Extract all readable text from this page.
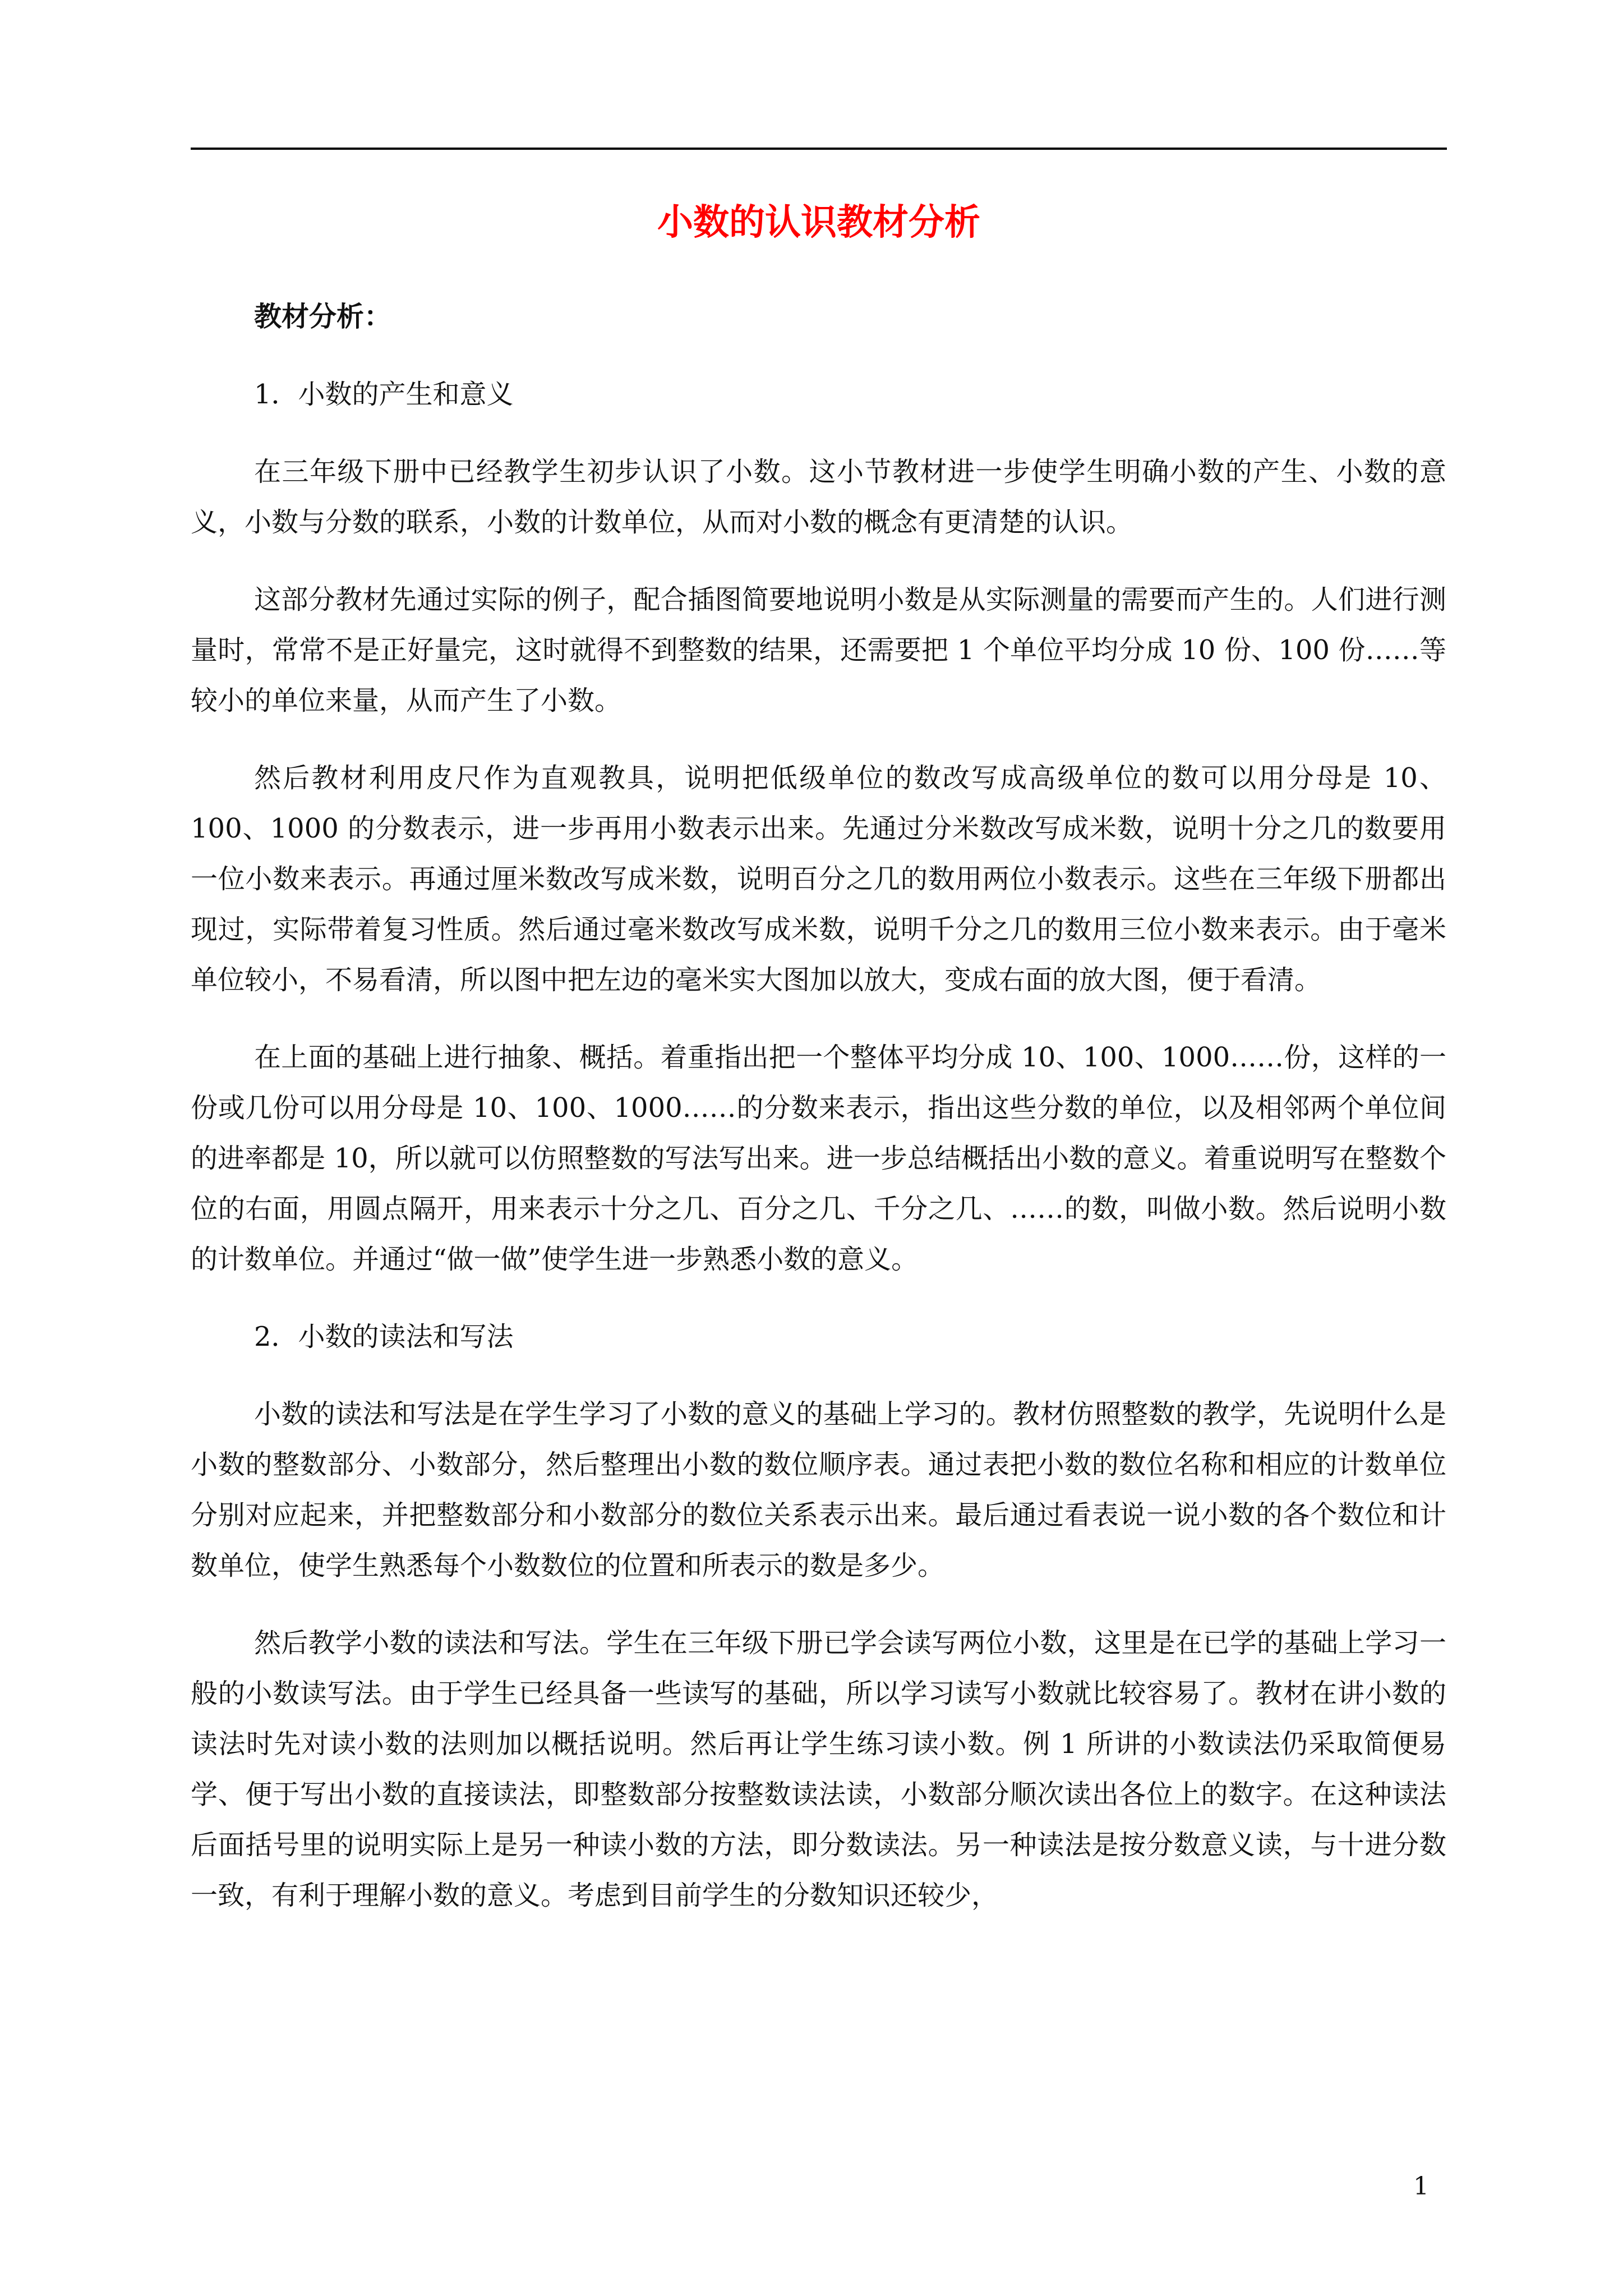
小数的认识教材分析
教材分析：
1．小数的产生和意义

在三年级下册中已经教学生初步认识了小数。这小节教材进一步使学生明确小数的产生、小数的意义，小数与分数的联系，小数的计数单位，从而对小数的概念有更清楚的认识。

这部分教材先通过实际的例子，配合插图简要地说明小数是从实际测量的需要而产生的。人们进行测量时，常常不是正好量完，这时就得不到整数的结果，还需要把 1 个单位平均分成 10 份、100 份……等较小的单位来量，从而产生了小数。

然后教材利用皮尺作为直观教具，说明把低级单位的数改写成高级单位的数可以用分母是 10、100、1000 的分数表示，进一步再用小数表示出来。先通过分米数改写成米数，说明十分之几的数要用一位小数来表示。再通过厘米数改写成米数，说明百分之几的数用两位小数表示。这些在三年级下册都出现过，实际带着复习性质。然后通过毫米数改写成米数，说明千分之几的数用三位小数来表示。由于毫米单位较小，不易看清，所以图中把左边的毫米实大图加以放大，变成右面的放大图，便于看清。

在上面的基础上进行抽象、概括。着重指出把一个整体平均分成 10、100、1000……份，这样的一份或几份可以用分母是 10、100、1000……的分数来表示，指出这些分数的单位，以及相邻两个单位间的进率都是 10，所以就可以仿照整数的写法写出来。进一步总结概括出小数的意义。着重说明写在整数个位的右面，用圆点隔开，用来表示十分之几、百分之几、千分之几、……的数，叫做小数。然后说明小数的计数单位。并通过“做一做”使学生进一步熟悉小数的意义。

2．小数的读法和写法

小数的读法和写法是在学生学习了小数的意义的基础上学习的。教材仿照整数的教学，先说明什么是小数的整数部分、小数部分，然后整理出小数的数位顺序表。通过表把小数的数位名称和相应的计数单位分别对应起来，并把整数部分和小数部分的数位关系表示出来。最后通过看表说一说小数的各个数位和计数单位，使学生熟悉每个小数数位的位置和所表示的数是多少。

然后教学小数的读法和写法。学生在三年级下册已学会读写两位小数，这里是在已学的基础上学习一般的小数读写法。由于学生已经具备一些读写的基础，所以学习读写小数就比较容易了。教材在讲小数的读法时先对读小数的法则加以概括说明。然后再让学生练习读小数。例 1 所讲的小数读法仍采取简便易学、便于写出小数的直接读法，即整数部分按整数读法读，小数部分顺次读出各位上的数字。在这种读法后面括号里的说明实际上是另一种读小数的方法，即分数读法。另一种读法是按分数意义读，与十进分数一致，有利于理解小数的意义。考虑到目前学生的分数知识还较少，

1
